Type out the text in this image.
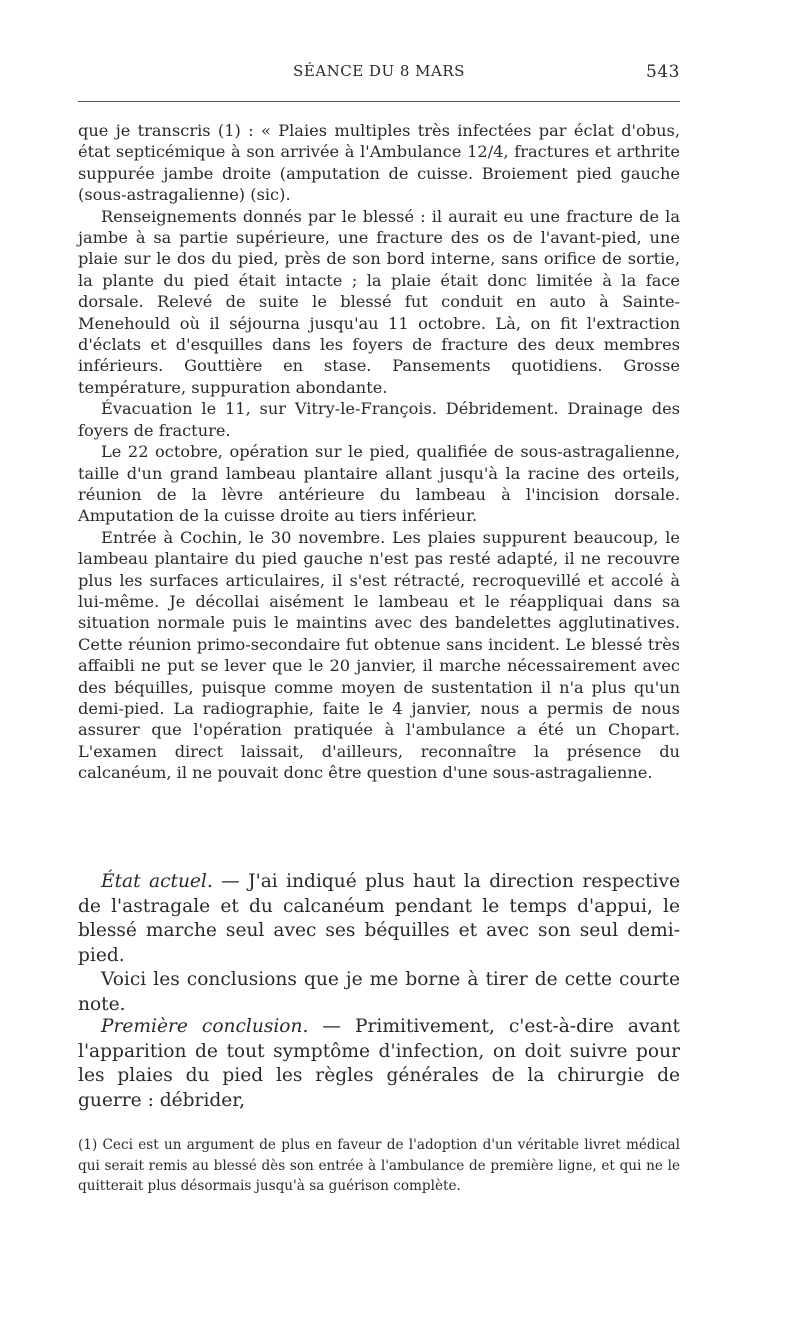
SÉANCE DU 8 MARS	543

que je transcris (1) : « Plaies multiples très infectées par éclat d'obus, état septicémique à son arrivée à l'Ambulance 12/4, fractures et arthrite suppurée jambe droite (amputation de cuisse. Broiement pied gauche (sous-astragalienne) (sic).

Renseignements donnés par le blessé : il aurait eu une fracture de la jambe à sa partie supérieure, une fracture des os de l'avant-pied, une plaie sur le dos du pied, près de son bord interne, sans orifice de sortie, la plante du pied était intacte ; la plaie était donc limitée à la face dorsale. Relevé de suite le blessé fut conduit en auto à Sainte-Menehould où il séjourna jusqu'au 11 octobre. Là, on fit l'extraction d'éclats et d'esquilles dans les foyers de fracture des deux membres inférieurs. Gouttière en stase. Pansements quotidiens. Grosse température, suppuration abondante.

Évacuation le 11, sur Vitry-le-François. Débridement. Drainage des foyers de fracture.

Le 22 octobre, opération sur le pied, qualifiée de sous-astragalienne, taille d'un grand lambeau plantaire allant jusqu'à la racine des orteils, réunion de la lèvre antérieure du lambeau à l'incision dorsale. Amputation de la cuisse droite au tiers inférieur.

Entrée à Cochin, le 30 novembre. Les plaies suppurent beaucoup, le lambeau plantaire du pied gauche n'est pas resté adapté, il ne recouvre plus les surfaces articulaires, il s'est rétracté, recroquevillé et accolé à lui-même. Je décollai aisément le lambeau et le réappliquai dans sa situation normale puis le maintins avec des bandelettes agglutinatives. Cette réunion primo-secondaire fut obtenue sans incident. Le blessé très affaibli ne put se lever que le 20 janvier, il marche nécessairement avec des béquilles, puisque comme moyen de sustentation il n'a plus qu'un demi-pied. La radiographie, faite le 4 janvier, nous a permis de nous assurer que l'opération pratiquée à l'ambulance a été un Chopart. L'examen direct laissait, d'ailleurs, reconnaître la présence du calcanéum, il ne pouvait donc être question d'une sous-astragalienne.

État actuel. — J'ai indiqué plus haut la direction respective de l'astragale et du calcanéum pendant le temps d'appui, le blessé marche seul avec ses béquilles et avec son seul demi-pied.

Voici les conclusions que je me borne à tirer de cette courte note.

Première conclusion. — Primitivement, c'est-à-dire avant l'apparition de tout symptôme d'infection, on doit suivre pour les plaies du pied les règles générales de la chirurgie de guerre : débrider,

(1) Ceci est un argument de plus en faveur de l'adoption d'un véritable livret médical qui serait remis au blessé dès son entrée à l'ambulance de première ligne, et qui ne le quitterait plus désormais jusqu'à sa guérison complète.
